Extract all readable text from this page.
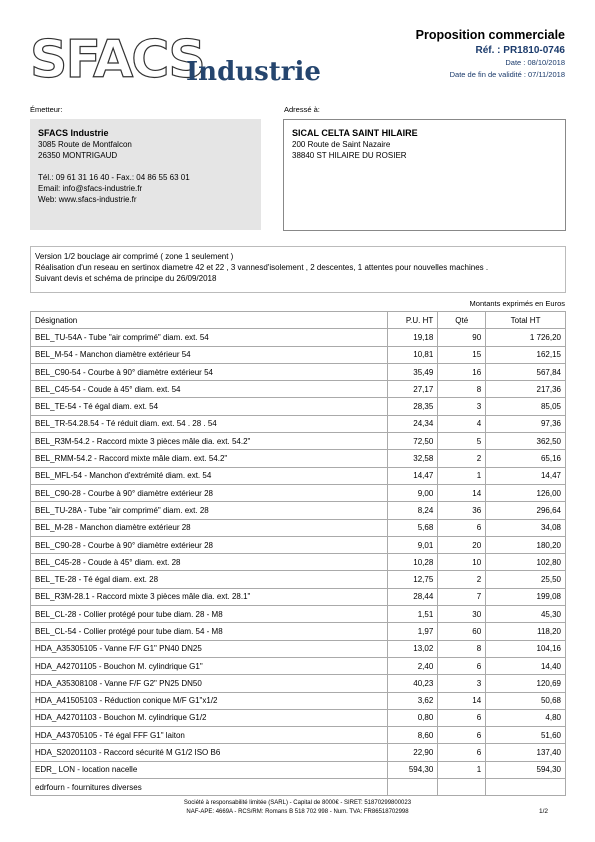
SFACS
Industrie
Proposition commerciale
Réf. : PR1810-0746
Date : 08/10/2018
Date de fin de validité : 07/11/2018
Émetteur:	Adressé à:
SFACS Industrie
3085 Route de Montfalcon
26350 MONTRIGAUD
Tél.: 09 61 31 16 40 - Fax.: 04 86 55 63 01
Email: info@sfacs-industrie.fr
Web: www.sfacs-industrie.fr
SICAL CELTA SAINT HILAIRE
200 Route de Saint Nazaire
38840 ST HILAIRE DU ROSIER
Version 1/2 bouclage air comprimé ( zone 1 seulement )
Réalisation d'un reseau en sertinox diametre 42 et 22 , 3 vannesd'isolement , 2 descentes, 1 attentes pour nouvelles machines .
Suivant devis et schéma de principe du 26/09/2018
Montants exprimés en Euros
Désignation	P.U. HT	Qté	Total HT
BEL_TU-54A - Tube "air comprimé" diam. ext. 54	19,18	90	1 726,20
BEL_M-54 - Manchon diamètre extérieur 54	10,81	15	162,15
BEL_C90-54 - Courbe à 90° diamètre extérieur 54	35,49	16	567,84
BEL_C45-54 - Coude à 45° diam. ext. 54	27,17	8	217,36
BEL_TE-54 - Té égal diam. ext. 54	28,35	3	85,05
BEL_TR-54.28.54 - Té réduit diam. ext. 54 . 28 . 54	24,34	4	97,36
BEL_R3M-54.2 - Raccord mixte 3 pièces mâle dia. ext. 54.2"	72,50	5	362,50
BEL_RMM-54.2 - Raccord mixte mâle diam. ext. 54.2"	32,58	2	65,16
BEL_MFL-54 - Manchon d'extrémité diam. ext. 54	14,47	1	14,47
BEL_C90-28 - Courbe à 90° diamètre extérieur 28	9,00	14	126,00
BEL_TU-28A - Tube "air comprimé" diam. ext. 28	8,24	36	296,64
BEL_M-28 - Manchon diamètre extérieur 28	5,68	6	34,08
BEL_C90-28 - Courbe à 90° diamètre extérieur 28	9,01	20	180,20
BEL_C45-28 - Coude à 45° diam. ext. 28	10,28	10	102,80
BEL_TE-28 - Té égal diam. ext. 28	12,75	2	25,50
BEL_R3M-28.1 - Raccord mixte 3 pièces mâle dia. ext. 28.1"	28,44	7	199,08
BEL_CL-28 - Collier protégé pour tube diam. 28 - M8	1,51	30	45,30
BEL_CL-54 - Collier protégé pour tube diam. 54 - M8	1,97	60	118,20
HDA_A35305105 - Vanne F/F G1" PN40 DN25	13,02	8	104,16
HDA_A42701105 - Bouchon M. cylindrique G1"	2,40	6	14,40
HDA_A35308108 - Vanne F/F G2" PN25 DN50	40,23	3	120,69
HDA_A41505103 - Réduction conique M/F G1"x1/2	3,62	14	50,68
HDA_A42701103 - Bouchon M. cylindrique G1/2	0,80	6	4,80
HDA_A43705105 - Té égal FFF G1" laiton	8,60	6	51,60
HDA_S20201103 - Raccord sécurité M G1/2 ISO B6	22,90	6	137,40
EDR_ LON - location nacelle	594,30	1	594,30
edrfourn - fournitures diverses			
Société à responsabilité limitée (SARL) - Capital de 8000€ - SIRET: 51870299800023
NAF-APE: 4669A - RCS/RM: Romans B 518 702 998 - Num. TVA: FR86518702998	1/2
